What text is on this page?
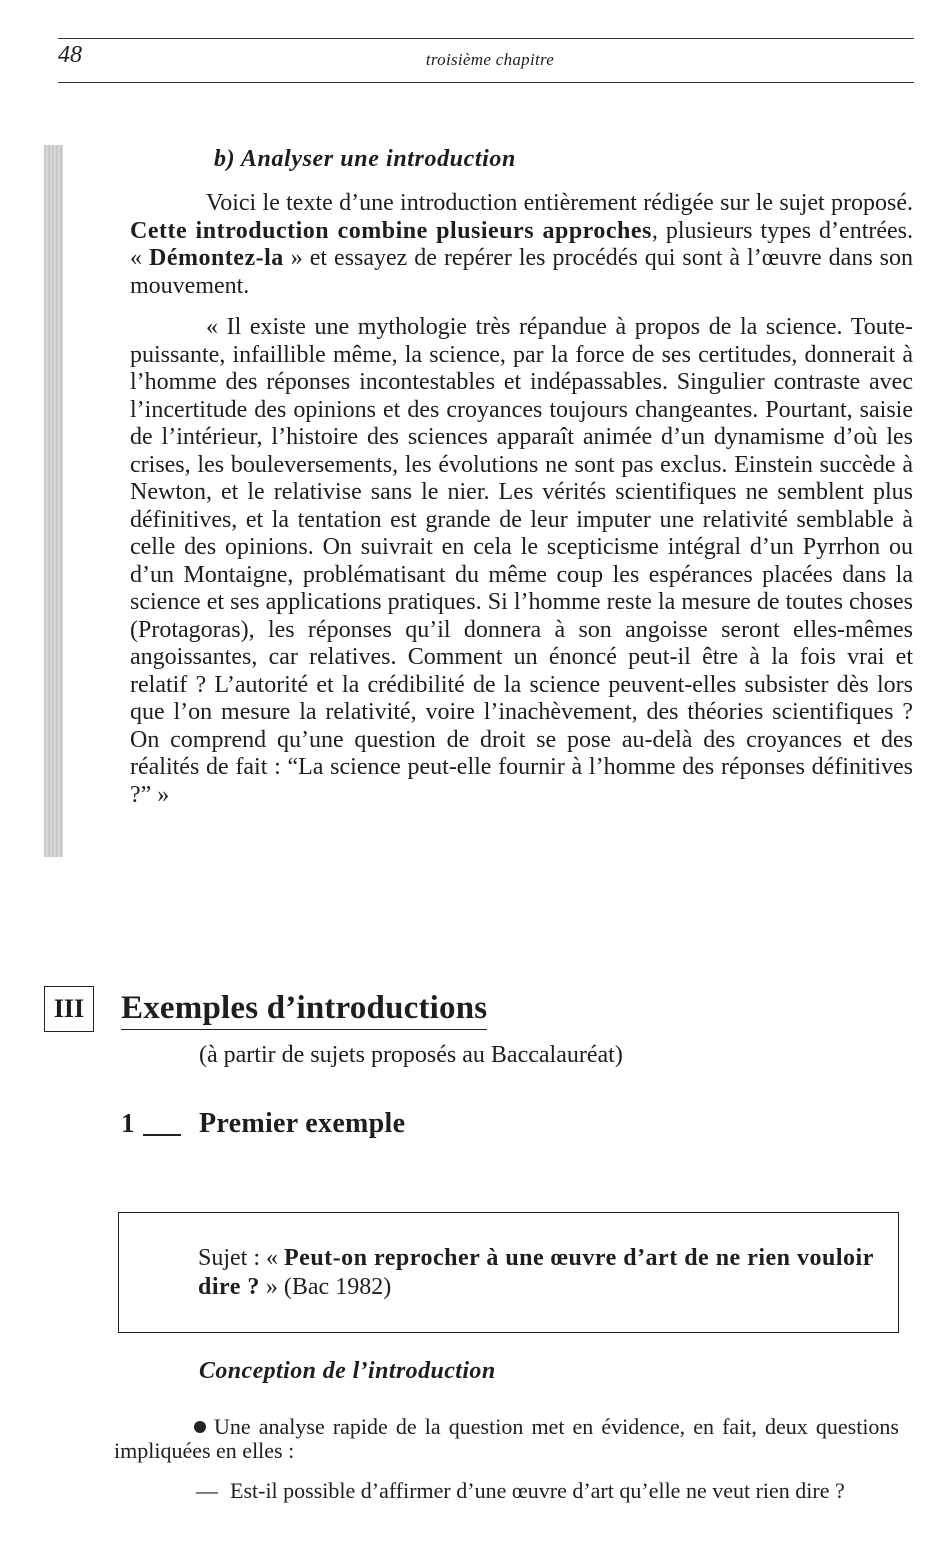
48	troisième chapitre
b) Analyser une introduction
Voici le texte d’une introduction entièrement rédigée sur le sujet proposé. Cette introduction combine plusieurs approches, plusieurs types d’entrées. « Démontez-la » et essayez de repérer les procédés qui sont à l’œuvre dans son mouvement.
« Il existe une mythologie très répandue à propos de la science. Toute-puissante, infaillible même, la science, par la force de ses certitudes, donnerait à l’homme des réponses incontestables et indépassables. Singulier contraste avec l’incertitude des opinions et des croyances toujours changeantes. Pourtant, saisie de l’intérieur, l’histoire des sciences apparaît animée d’un dynamisme d’où les crises, les bouleversements, les évolutions ne sont pas exclus. Einstein succède à Newton, et le relativise sans le nier. Les vérités scientifiques ne semblent plus définitives, et la tentation est grande de leur imputer une relativité semblable à celle des opinions. On suivrait en cela le scepticisme intégral d’un Pyrrhon ou d’un Montaigne, problématisant du même coup les espérances placées dans la science et ses applications pratiques. Si l’homme reste la mesure de toutes choses (Protagoras), les réponses qu’il donnera à son angoisse seront elles-mêmes angoissantes, car relatives. Comment un énoncé peut-il être à la fois vrai et relatif ? L’autorité et la crédibilité de la science peuvent-elles subsister dès lors que l’on mesure la relativité, voire l’inachèvement, des théories scientifiques ? On comprend qu’une question de droit se pose au-delà des croyances et des réalités de fait : “La science peut-elle fournir à l’homme des réponses définitives ?” »
III Exemples d’introductions
(à partir de sujets proposés au Baccalauréat)
1 Premier exemple
Sujet : « Peut-on reprocher à une œuvre d’art de ne rien vouloir dire ? » (Bac 1982)
Conception de l’introduction
Une analyse rapide de la question met en évidence, en fait, deux questions impliquées en elles :
— Est-il possible d’affirmer d’une œuvre d’art qu’elle ne veut rien dire ?
